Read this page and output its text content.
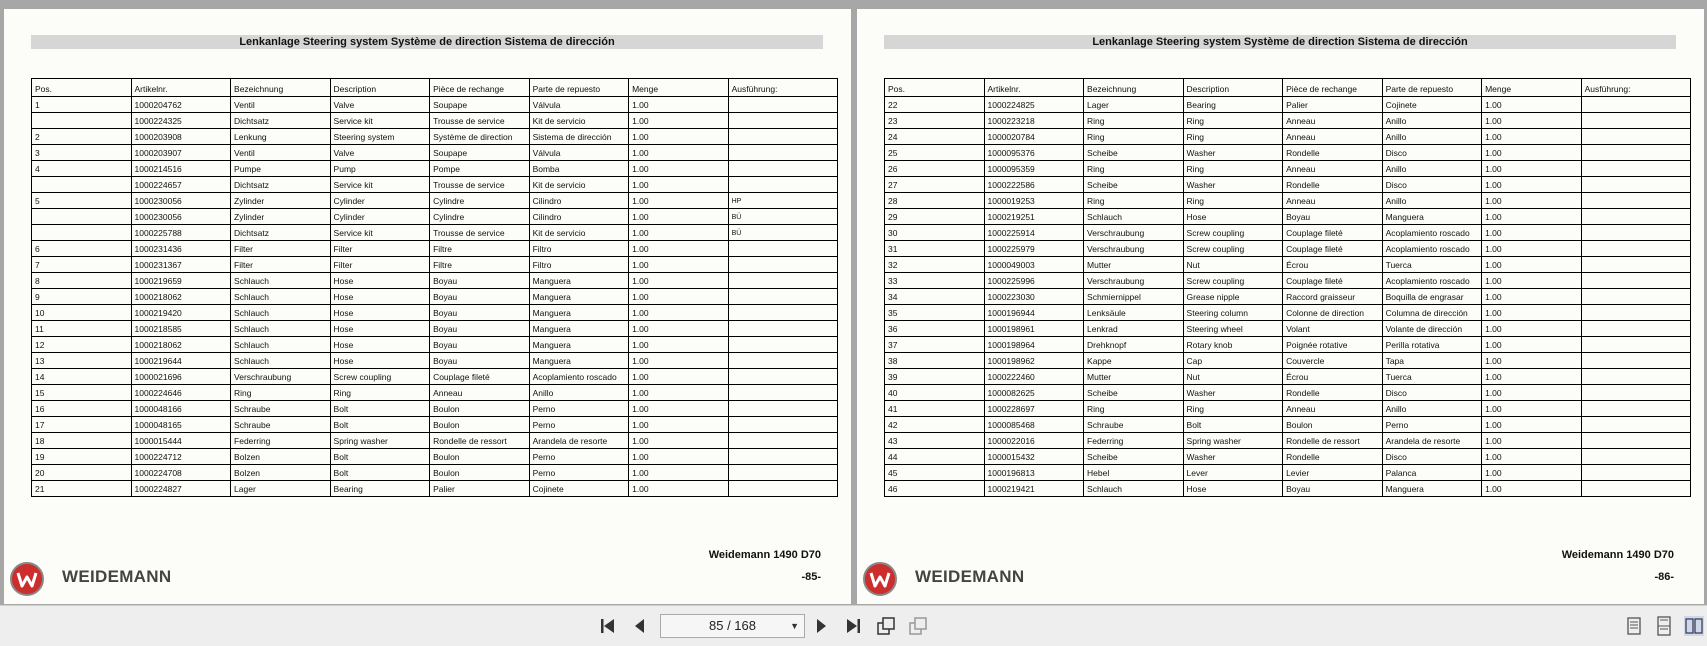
Lenkanlage Steering system Système de direction Sistema de dirección
Pos.	Artikelnr.	Bezeichnung	Description	Pièce de rechange	Parte de repuesto	Menge	Ausführung:
1	1000204762	Ventil	Valve	Soupape	Válvula	1.00	
	1000224325	Dichtsatz	Service kit	Trousse de service	Kit de servicio	1.00	
2	1000203908	Lenkung	Steering system	Système de direction	Sistema de dirección	1.00	
3	1000203907	Ventil	Valve	Soupape	Válvula	1.00	
4	1000214516	Pumpe	Pump	Pompe	Bomba	1.00	
	1000224657	Dichtsatz	Service kit	Trousse de service	Kit de servicio	1.00	
5	1000230056	Zylinder	Cylinder	Cylindre	Cilindro	1.00	HP
	1000230056	Zylinder	Cylinder	Cylindre	Cilindro	1.00	BÜ
	1000225788	Dichtsatz	Service kit	Trousse de service	Kit de servicio	1.00	BÜ
6	1000231436	Filter	Filter	Filtre	Filtro	1.00	
7	1000231367	Filter	Filter	Filtre	Filtro	1.00	
8	1000219659	Schlauch	Hose	Boyau	Manguera	1.00	
9	1000218062	Schlauch	Hose	Boyau	Manguera	1.00	
10	1000219420	Schlauch	Hose	Boyau	Manguera	1.00	
11	1000218585	Schlauch	Hose	Boyau	Manguera	1.00	
12	1000218062	Schlauch	Hose	Boyau	Manguera	1.00	
13	1000219644	Schlauch	Hose	Boyau	Manguera	1.00	
14	1000021696	Verschraubung	Screw coupling	Couplage fileté	Acoplamiento roscado	1.00	
15	1000224646	Ring	Ring	Anneau	Anillo	1.00	
16	1000048166	Schraube	Bolt	Boulon	Perno	1.00	
17	1000048165	Schraube	Bolt	Boulon	Perno	1.00	
18	1000015444	Federring	Spring washer	Rondelle de ressort	Arandela de resorte	1.00	
19	1000224712	Bolzen	Bolt	Boulon	Perno	1.00	
20	1000224708	Bolzen	Bolt	Boulon	Perno	1.00	
21	1000224827	Lager	Bearing	Palier	Cojinete	1.00	
Weidemann 1490 D70
-85-
WEIDEMANN
Lenkanlage Steering system Système de direction Sistema de dirección
Pos.	Artikelnr.	Bezeichnung	Description	Pièce de rechange	Parte de repuesto	Menge	Ausführung:
22	1000224825	Lager	Bearing	Palier	Cojinete	1.00	
23	1000223218	Ring	Ring	Anneau	Anillo	1.00	
24	1000020784	Ring	Ring	Anneau	Anillo	1.00	
25	1000095376	Scheibe	Washer	Rondelle	Disco	1.00	
26	1000095359	Ring	Ring	Anneau	Anillo	1.00	
27	1000222586	Scheibe	Washer	Rondelle	Disco	1.00	
28	1000019253	Ring	Ring	Anneau	Anillo	1.00	
29	1000219251	Schlauch	Hose	Boyau	Manguera	1.00	
30	1000225914	Verschraubung	Screw coupling	Couplage fileté	Acoplamiento roscado	1.00	
31	1000225979	Verschraubung	Screw coupling	Couplage fileté	Acoplamiento roscado	1.00	
32	1000049003	Mutter	Nut	Écrou	Tuerca	1.00	
33	1000225996	Verschraubung	Screw coupling	Couplage fileté	Acoplamiento roscado	1.00	
34	1000223030	Schmiernippel	Grease nipple	Raccord graisseur	Boquilla de engrasar	1.00	
35	1000196944	Lenksäule	Steering column	Colonne de direction	Columna de dirección	1.00	
36	1000198961	Lenkrad	Steering wheel	Volant	Volante de dirección	1.00	
37	1000198964	Drehknopf	Rotary knob	Poignée rotative	Perilla rotativa	1.00	
38	1000198962	Kappe	Cap	Couvercle	Tapa	1.00	
39	1000222460	Mutter	Nut	Écrou	Tuerca	1.00	
40	1000082625	Scheibe	Washer	Rondelle	Disco	1.00	
41	1000228697	Ring	Ring	Anneau	Anillo	1.00	
42	1000085468	Schraube	Bolt	Boulon	Perno	1.00	
43	1000022016	Federring	Spring washer	Rondelle de ressort	Arandela de resorte	1.00	
44	1000015432	Scheibe	Washer	Rondelle	Disco	1.00	
45	1000196813	Hebel	Lever	Levier	Palanca	1.00	
46	1000219421	Schlauch	Hose	Boyau	Manguera	1.00	
Weidemann 1490 D70
-86-
WEIDEMANN
85 / 168	▼
